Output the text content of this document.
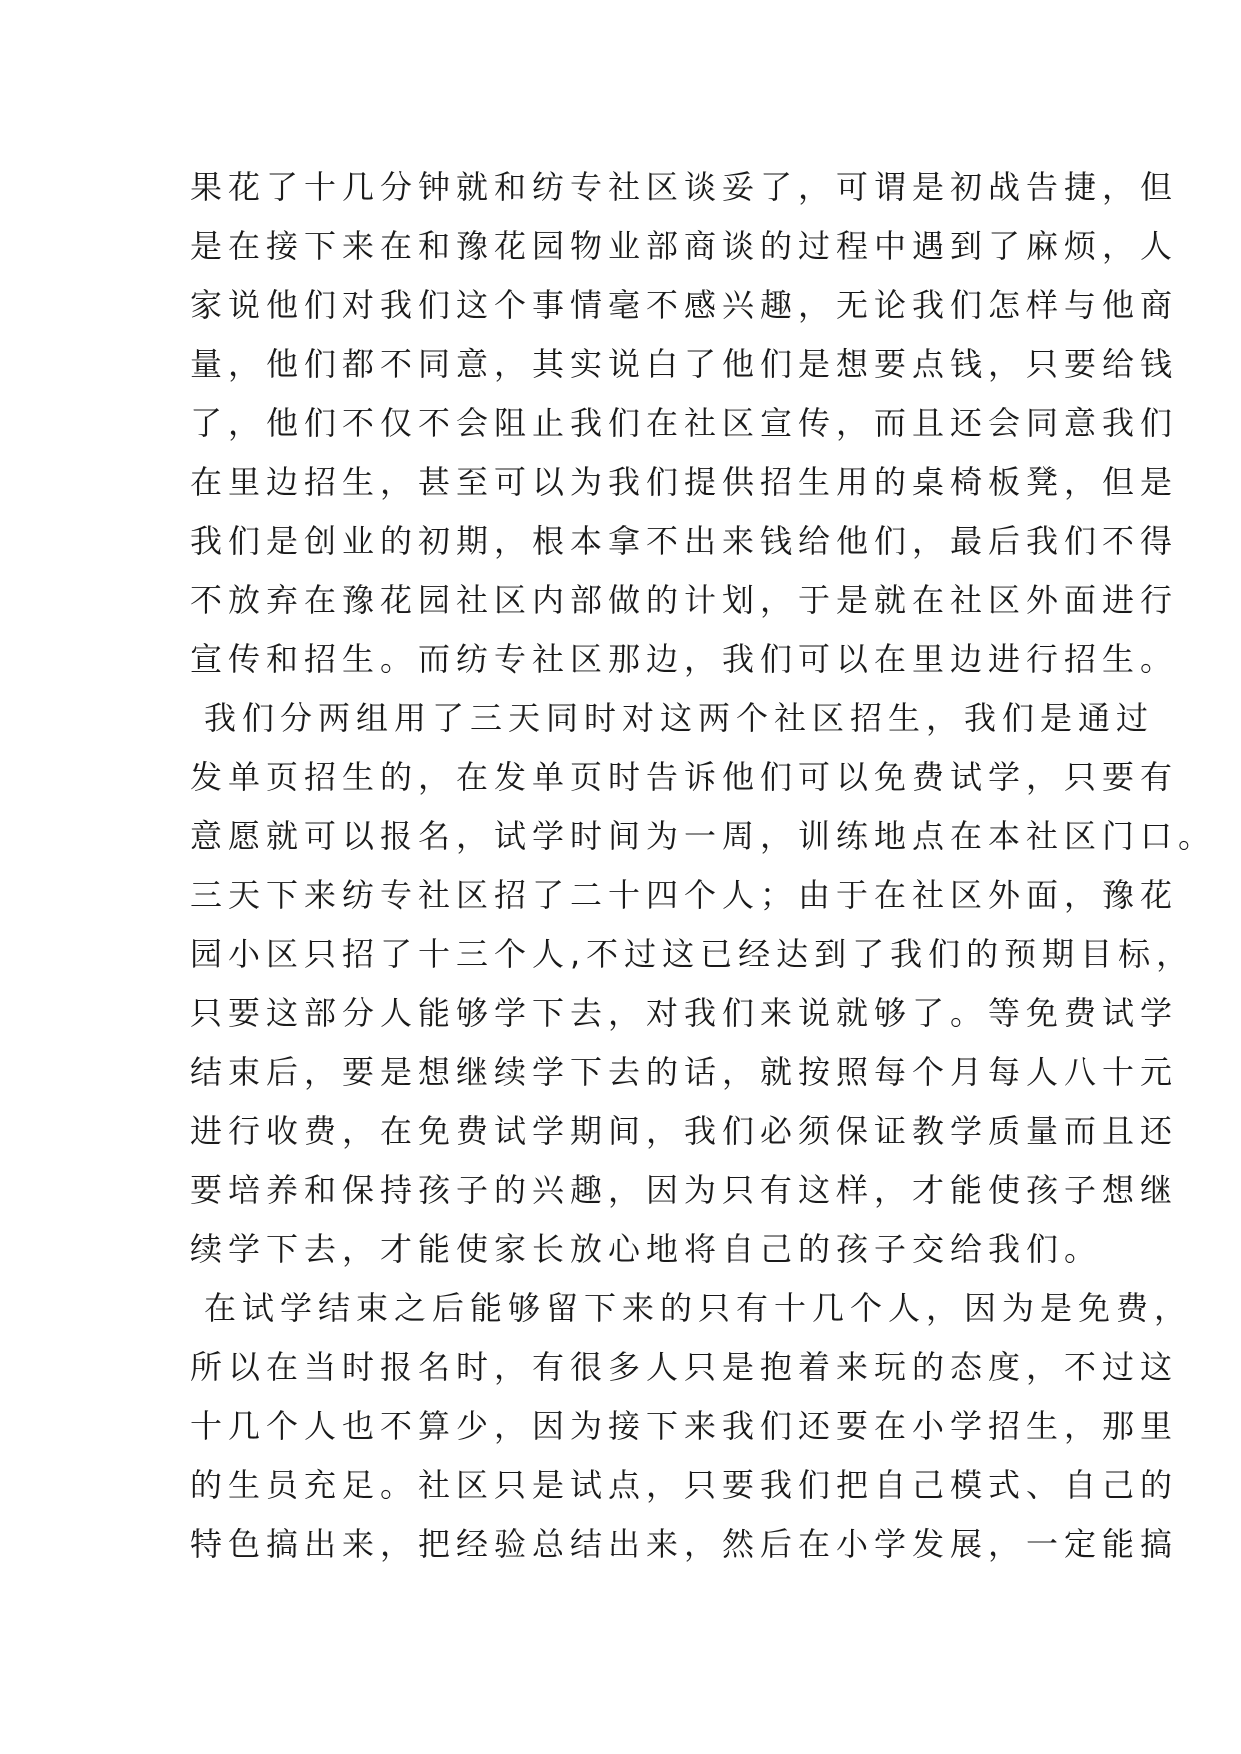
果花了十几分钟就和纺专社区谈妥了，可谓是初战告捷，但
是在接下来在和豫花园物业部商谈的过程中遇到了麻烦，人
家说他们对我们这个事情毫不感兴趣，无论我们怎样与他商
量，他们都不同意，其实说白了他们是想要点钱，只要给钱
了，他们不仅不会阻止我们在社区宣传，而且还会同意我们
在里边招生，甚至可以为我们提供招生用的桌椅板凳，但是
我们是创业的初期，根本拿不出来钱给他们，最后我们不得
不放弃在豫花园社区内部做的计划，于是就在社区外面进行
宣传和招生。而纺专社区那边，我们可以在里边进行招生。
我们分两组用了三天同时对这两个社区招生，我们是通过
发单页招生的，在发单页时告诉他们可以免费试学，只要有
意愿就可以报名，试学时间为一周，训练地点在本社区门口。
三天下来纺专社区招了二十四个人；由于在社区外面，豫花
园小区只招了十三个人,不过这已经达到了我们的预期目标，
只要这部分人能够学下去，对我们来说就够了。等免费试学
结束后，要是想继续学下去的话，就按照每个月每人八十元
进行收费，在免费试学期间，我们必须保证教学质量而且还
要培养和保持孩子的兴趣，因为只有这样，才能使孩子想继
续学下去，才能使家长放心地将自己的孩子交给我们。
在试学结束之后能够留下来的只有十几个人，因为是免费，
所以在当时报名时，有很多人只是抱着来玩的态度，不过这
十几个人也不算少，因为接下来我们还要在小学招生，那里
的生员充足。社区只是试点，只要我们把自己模式、自己的
特色搞出来，把经验总结出来，然后在小学发展，一定能搞
